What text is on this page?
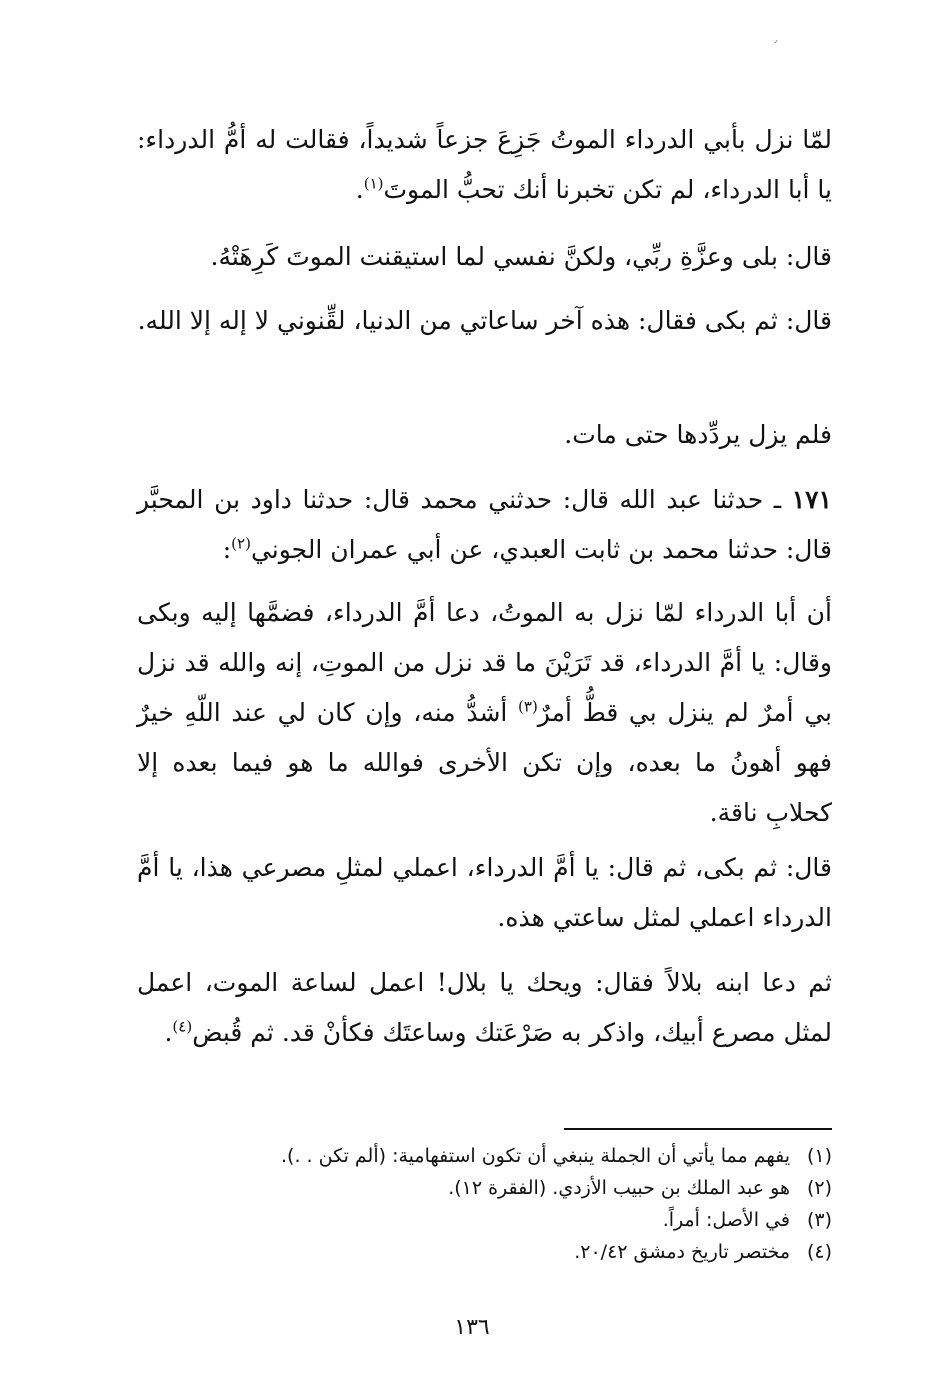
ˊ

لمّا نزل بأبي الدرداء الموتُ جَزِعَ جزعاً شديداً، فقالت له أمُّ الدرداء: يا أبا الدرداء، لم تكن تخبرنا أنك تحبُّ الموتَ$^{(١)}$.

قال: بلى وعزَّةِ ربِّي، ولكنَّ نفسي لما استيقنت الموتَ كَرِهَتْهُ.

قال: ثم بكى فقال: هذه آخر ساعاتي من الدنيا، لقِّنوني لا إله إلا الله.

فلم يزل يردِّدها حتى مات.

١٧١ ـ حدثنا عبد الله قال: حدثني محمد قال: حدثنا داود بن المحبَّر قال: حدثنا محمد بن ثابت العبدي، عن أبي عمران الجوني$^{(٢)}$:

أن أبا الدرداء لمّا نزل به الموتُ، دعا أمَّ الدرداء، فضمَّها إليه وبكى وقال: يا أمَّ الدرداء، قد تَرَيْنَ ما قد نزل من الموتِ، إنه والله قد نزل بي أمرٌ لم ينزل بي قطُّ أمرٌ$^{(٣)}$ أشدُّ منه، وإن كان لي عند اللّهِ خيرٌ فهو أهونُ ما بعده، وإن تكن الأخرى فوالله ما هو فيما بعده إلا كحلابِ ناقة.

قال: ثم بكى، ثم قال: يا أمَّ الدرداء، اعملي لمثلِ مصرعي هذا، يا أمَّ الدرداء اعملي لمثل ساعتي هذه.

ثم دعا ابنه بلالاً فقال: ويحك يا بلال! اعمل لساعة الموت، اعمل لمثل مصرع أبيك، واذكر به صَرْعَتك وساعتَك فكأنْ قد. ثم قُبض$^{(٤)}$.

(١)
يفهم مما يأتي أن الجملة ينبغي أن تكون استفهامية: (ألم تكن . .).
(٢)
هو عبد الملك بن حبيب الأزدي. (الفقرة ١٢).
(٣)
في الأصل: أمراً.
(٤)
مختصر تاريخ دمشق ٢٠/٤٢.
١٣٦
